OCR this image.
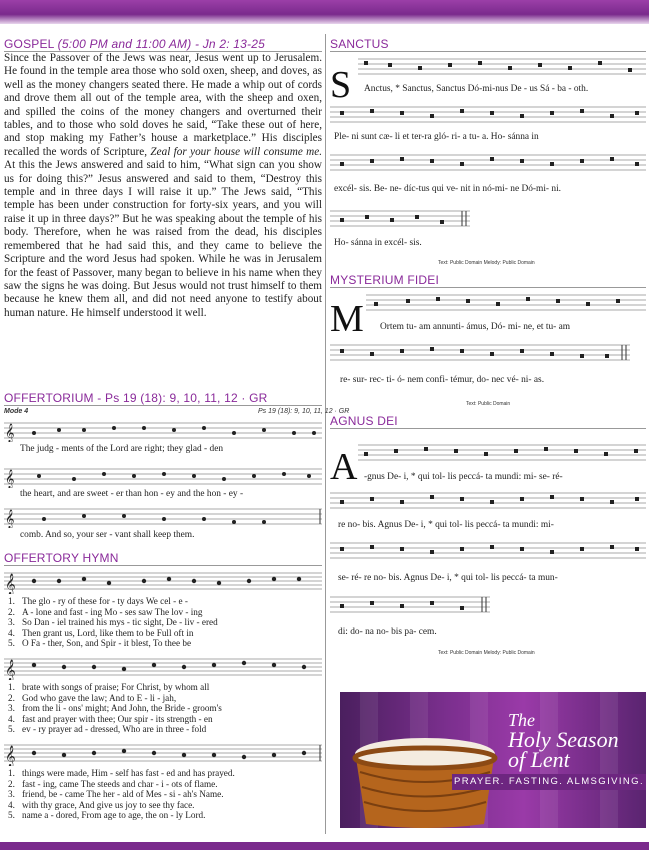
GOSPEL (5:00 PM and 11:00 AM) - Jn 2: 13-25

Since the Passover of the Jews was near, Jesus went up to Jerusalem. He found in the temple area those who sold oxen, sheep, and doves, as well as the money changers seated there. He made a whip out of cords and drove them all out of the temple area, with the sheep and oxen, and spilled the coins of the money changers and overturned their tables, and to those who sold doves he said, “Take these out of here, and stop making my Father’s house a marketplace.” His disciples recalled the words of Scripture, Zeal for your house will consume me. At this the Jews answered and said to him, “What sign can you show us for doing this?” Jesus answered and said to them, “Destroy this temple and in three days I will raise it up.” The Jews said, “This temple has been under construction for forty-six years, and you will raise it up in three days?” But he was speaking about the temple of his body. Therefore, when he was raised from the dead, his disciples remembered that he had said this, and they came to believe the Scripture and the word Jesus had spoken. While he was in Jerusalem for the feast of Passover, many began to believe in his name when they saw the signs he was doing. But Jesus would not trust himself to them because he knew them all, and did not need anyone to testify about human nature. He himself understood it well.

OFFERTORIUM - Ps 19 (18): 9, 10, 11, 12 · GR
Mode 4	Ps 19 (18): 9, 10, 11, 12 · GR
𝄞
The judg - ments of the Lord are right; they glad - den
𝄞
the heart, and are sweet - er than hon - ey and the hon - ey -
𝄞
comb. And so, your ser - vant shall keep them.
OFFERTORY HYMN
𝄞
1. The glo - ry of these for - ty days We cel - e -
2. A - lone and fast - ing Mo - ses saw The lov - ing
3. So Dan - iel trained his mys - tic sight, De - liv - ered
4. Then grant us, Lord, like them to be Full oft in
5. O Fa - ther, Son, and Spir - it blest, To thee be
𝄞
1. brate with songs of praise; For Christ, by whom all
2. God who gave the law; And to E - li - jah,
3. from the li - ons' might; And John, the Bride - groom's
4. fast and prayer with thee; Our spir - its strength - en
5. ev - ry prayer ad - dressed, Who are in three - fold
𝄞
1. things were made, Him - self has fast - ed and has prayed.
2. fast - ing, came The steeds and char - i - ots of flame.
3. friend, be - came The her - ald of Mes - si - ah's Name.
4. with thy grace, And give us joy to see thy face.
5. name a - dored, From age to age, the on - ly Lord.
SANCTUS
S Anctus, * Sanctus, Sanctus Dó-mi-nus De - us Sá - ba - oth.
Ple- ni sunt cæ- li et ter-ra gló- ri- a tu- a. Ho- sánna in
excél- sis. Be- ne- díc-tus qui ve- nit in nó-mi- ne Dó-mi- ni.
Ho- sánna in excél- sis.
Text: Public Domain Melody: Public Domain
MYSTERIUM FIDEI
M Ortem tu- am annunti- ámus, Dó- mi- ne, et tu- am
re- sur- rec- ti- ó- nem confi- témur, do- nec vé- ni- as.
Text: Public Domain
AGNUS DEI
A -gnus De- i, * qui tol- lis peccá- ta mundi: mi- se- ré-
re no- bis. Agnus De- i, * qui tol- lis peccá- ta mundi: mi-
se- ré- re no- bis. Agnus De- i, * qui tol- lis peccá- ta mun-
di: do- na no- bis pa- cem.
Text: Public Domain Melody: Public Domain
The
Holy Season
of Lent
PRAYER. FASTING. ALMSGIVING.
